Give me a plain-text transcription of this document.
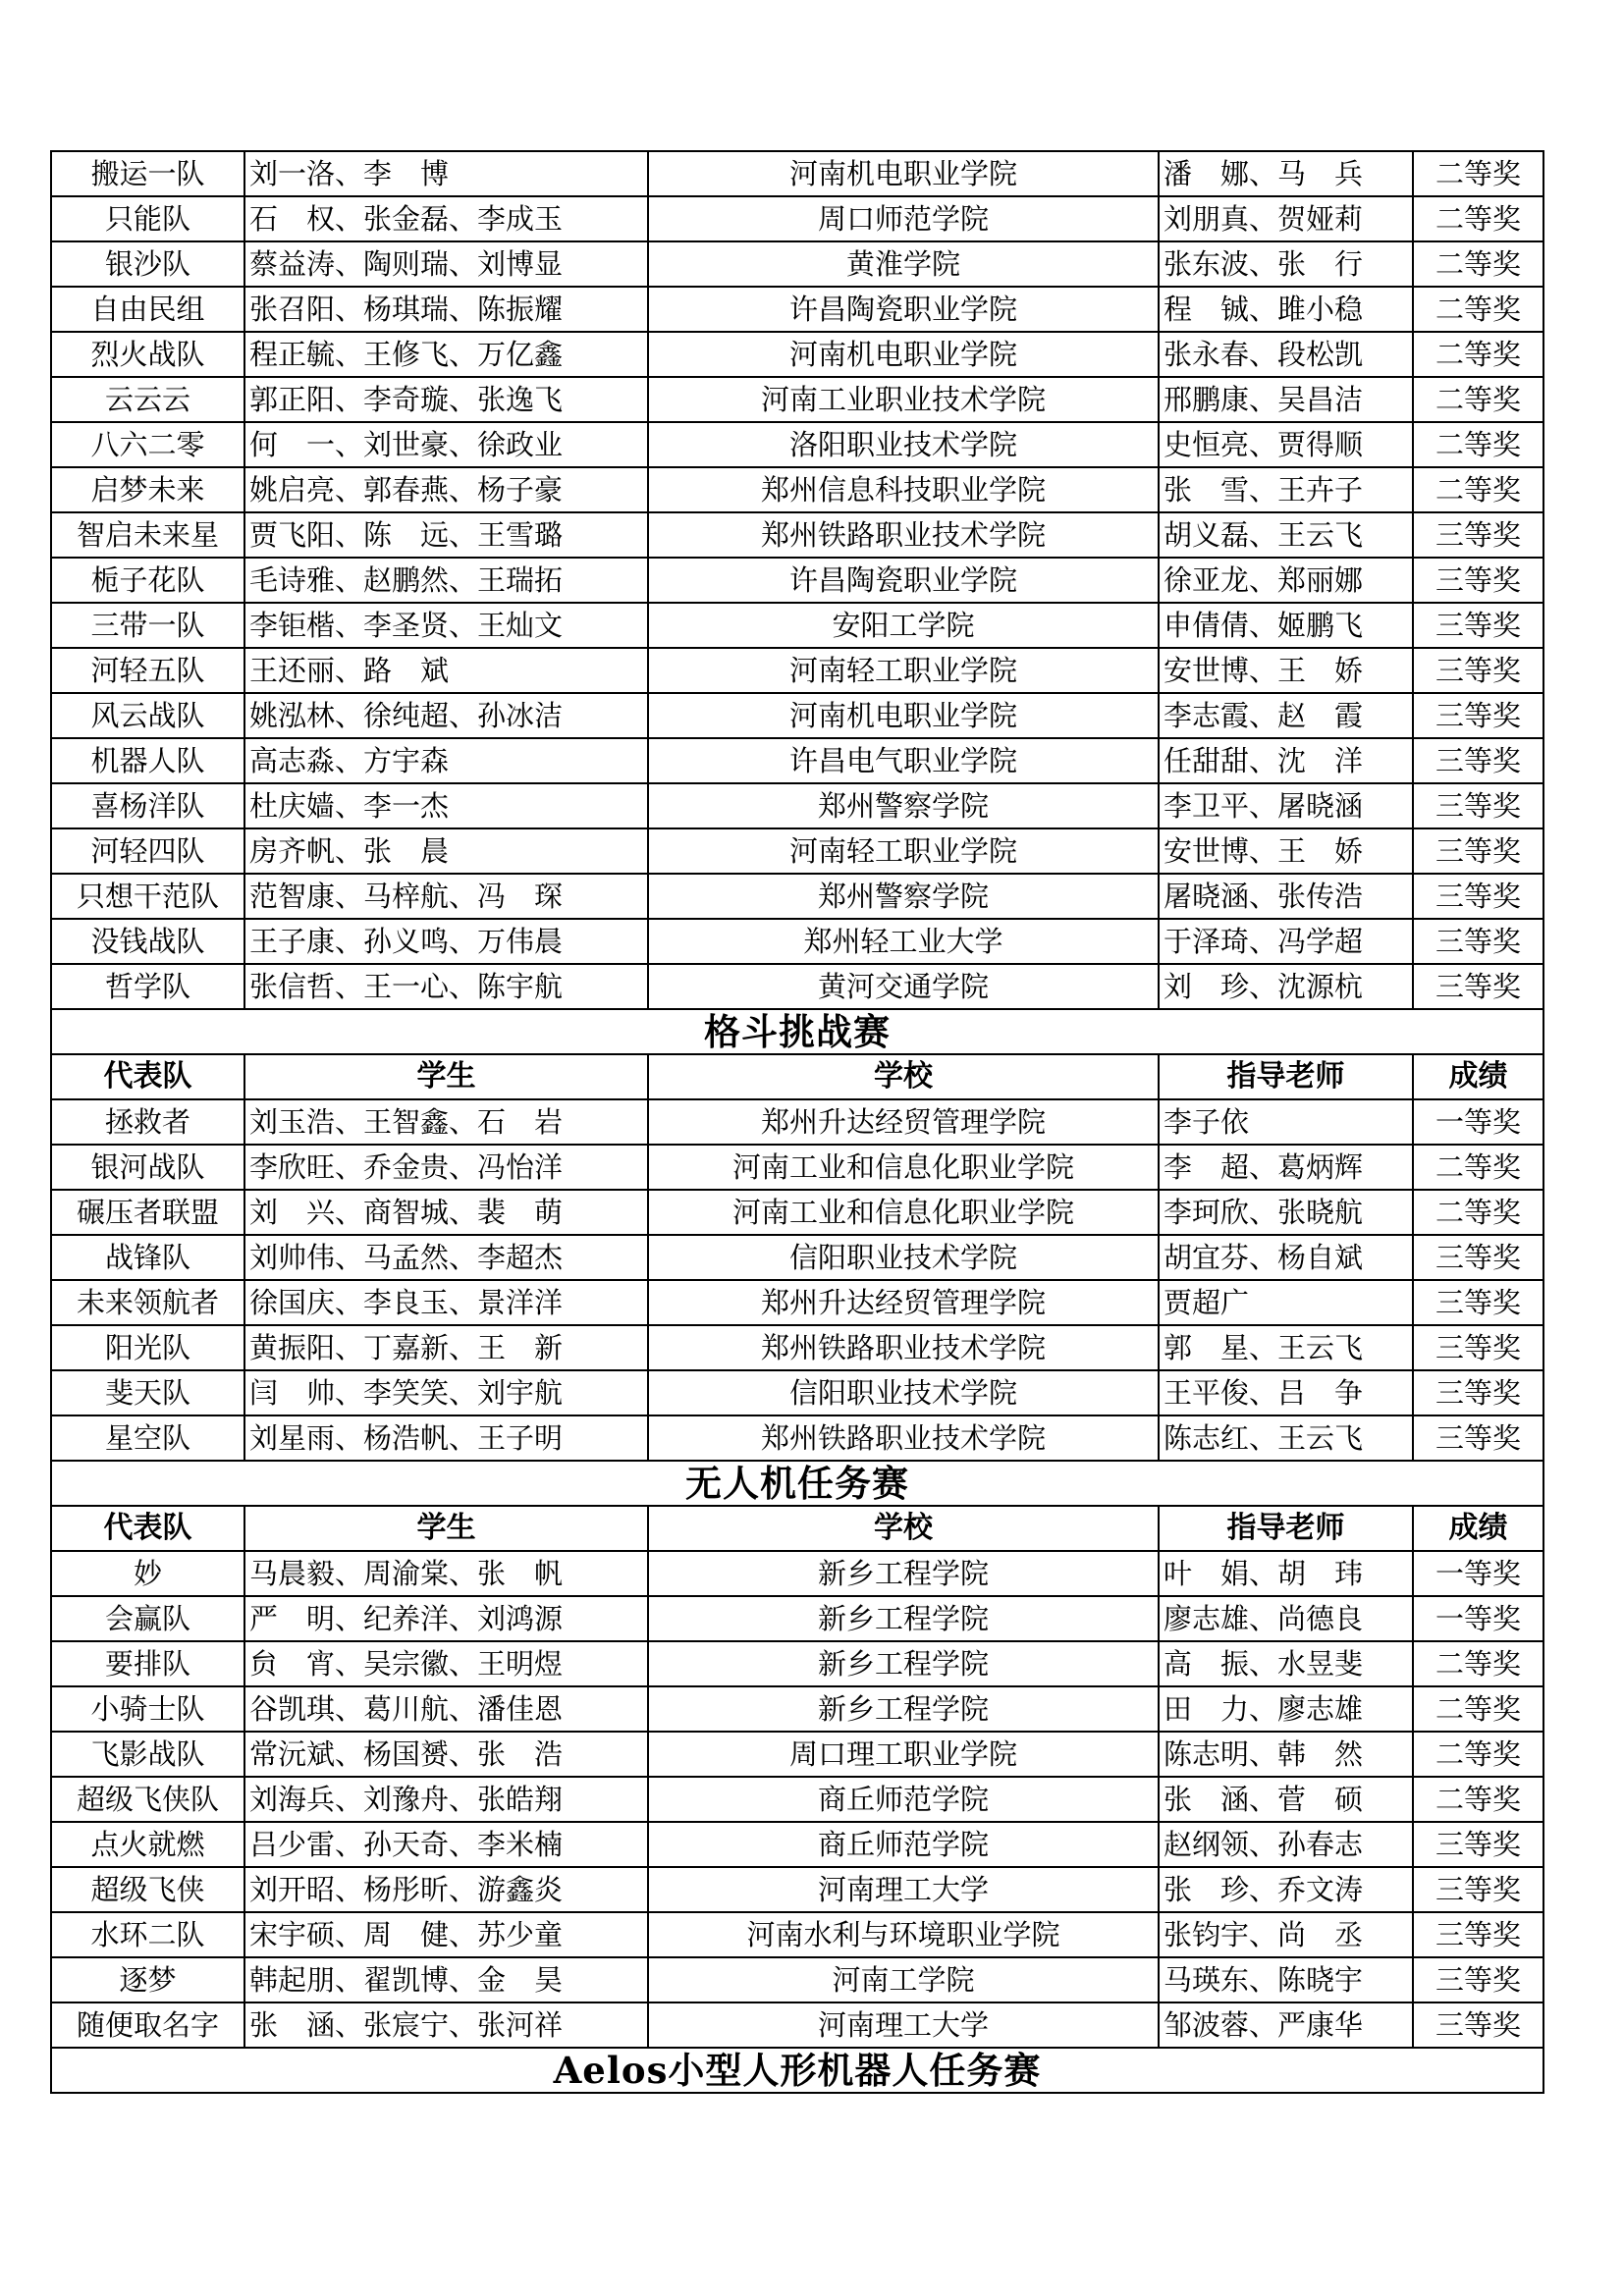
搬运一队	刘一洛、李　博	河南机电职业学院	潘　娜、马　兵	二等奖
只能队	石　权、张金磊、李成玉	周口师范学院	刘朋真、贺娅莉	二等奖
银沙队	蔡益涛、陶则瑞、刘博显	黄淮学院	张东波、张　行	二等奖
自由民组	张召阳、杨琪瑞、陈振耀	许昌陶瓷职业学院	程　铖、雎小稳	二等奖
烈火战队	程正毓、王修飞、万亿鑫	河南机电职业学院	张永春、段松凯	二等奖
云云云	郭正阳、李奇璇、张逸飞	河南工业职业技术学院	邢鹏康、吴昌洁	二等奖
八六二零	何　一、刘世豪、徐政业	洛阳职业技术学院	史恒亮、贾得顺	二等奖
启梦未来	姚启亮、郭春燕、杨子豪	郑州信息科技职业学院	张　雪、王卉子	二等奖
智启未来星	贾飞阳、陈　远、王雪璐	郑州铁路职业技术学院	胡义磊、王云飞	三等奖
栀子花队	毛诗雅、赵鹏然、王瑞拓	许昌陶瓷职业学院	徐亚龙、郑丽娜	三等奖
三带一队	李钜楷、李圣贤、王灿文	安阳工学院	申倩倩、姬鹏飞	三等奖
河轻五队	王还丽、路　斌	河南轻工职业学院	安世博、王　娇	三等奖
风云战队	姚泓林、徐纯超、孙冰洁	河南机电职业学院	李志霞、赵　霞	三等奖
机器人队	高志淼、方宇森	许昌电气职业学院	任甜甜、沈　洋	三等奖
喜杨洋队	杜庆嫱、李一杰	郑州警察学院	李卫平、屠晓涵	三等奖
河轻四队	房齐帆、张　晨	河南轻工职业学院	安世博、王　娇	三等奖
只想干范队	范智康、马梓航、冯　琛	郑州警察学院	屠晓涵、张传浩	三等奖
没钱战队	王子康、孙义鸣、万伟晨	郑州轻工业大学	于泽琦、冯学超	三等奖
哲学队	张信哲、王一心、陈宇航	黄河交通学院	刘　珍、沈源杭	三等奖
格斗挑战赛				
代表队	学生	学校	指导老师	成绩
拯救者	刘玉浩、王智鑫、石　岩	郑州升达经贸管理学院	李子依	一等奖
银河战队	李欣旺、乔金贵、冯怡洋	河南工业和信息化职业学院	李　超、葛炳辉	二等奖
碾压者联盟	刘　兴、商智城、裴　萌	河南工业和信息化职业学院	李珂欣、张晓航	二等奖
战锋队	刘帅伟、马孟然、李超杰	信阳职业技术学院	胡宜芬、杨自斌	三等奖
未来领航者	徐国庆、李良玉、景洋洋	郑州升达经贸管理学院	贾超广	三等奖
阳光队	黄振阳、丁嘉新、王　新	郑州铁路职业技术学院	郭　星、王云飞	三等奖
斐天队	闫　帅、李笑笑、刘宇航	信阳职业技术学院	王平俊、吕　争	三等奖
星空队	刘星雨、杨浩帆、王子明	郑州铁路职业技术学院	陈志红、王云飞	三等奖
无人机任务赛				
代表队	学生	学校	指导老师	成绩
妙	马晨毅、周渝棠、张　帆	新乡工程学院	叶　娟、胡　玮	一等奖
会赢队	严　明、纪养洋、刘鸿源	新乡工程学院	廖志雄、尚德良	一等奖
要排队	贠　宵、吴宗徽、王明煜	新乡工程学院	高　振、水昱斐	二等奖
小骑士队	谷凯琪、葛川航、潘佳恩	新乡工程学院	田　力、廖志雄	二等奖
飞影战队	常沅斌、杨国赟、张　浩	周口理工职业学院	陈志明、韩　然	二等奖
超级飞侠队	刘海兵、刘豫舟、张皓翔	商丘师范学院	张　涵、菅　硕	二等奖
点火就燃	吕少雷、孙天奇、李米楠	商丘师范学院	赵纲领、孙春志	三等奖
超级飞侠	刘开昭、杨彤昕、游鑫炎	河南理工大学	张　珍、乔文涛	三等奖
水环二队	宋宇硕、周　健、苏少童	河南水利与环境职业学院	张钧宇、尚　丞	三等奖
逐梦	韩起朋、翟凯博、金　昊	河南工学院	马瑛东、陈晓宇	三等奖
随便取名字	张　涵、张宸宁、张河祥	河南理工大学	邹波蓉、严康华	三等奖
Aelos小型人形机器人任务赛				
